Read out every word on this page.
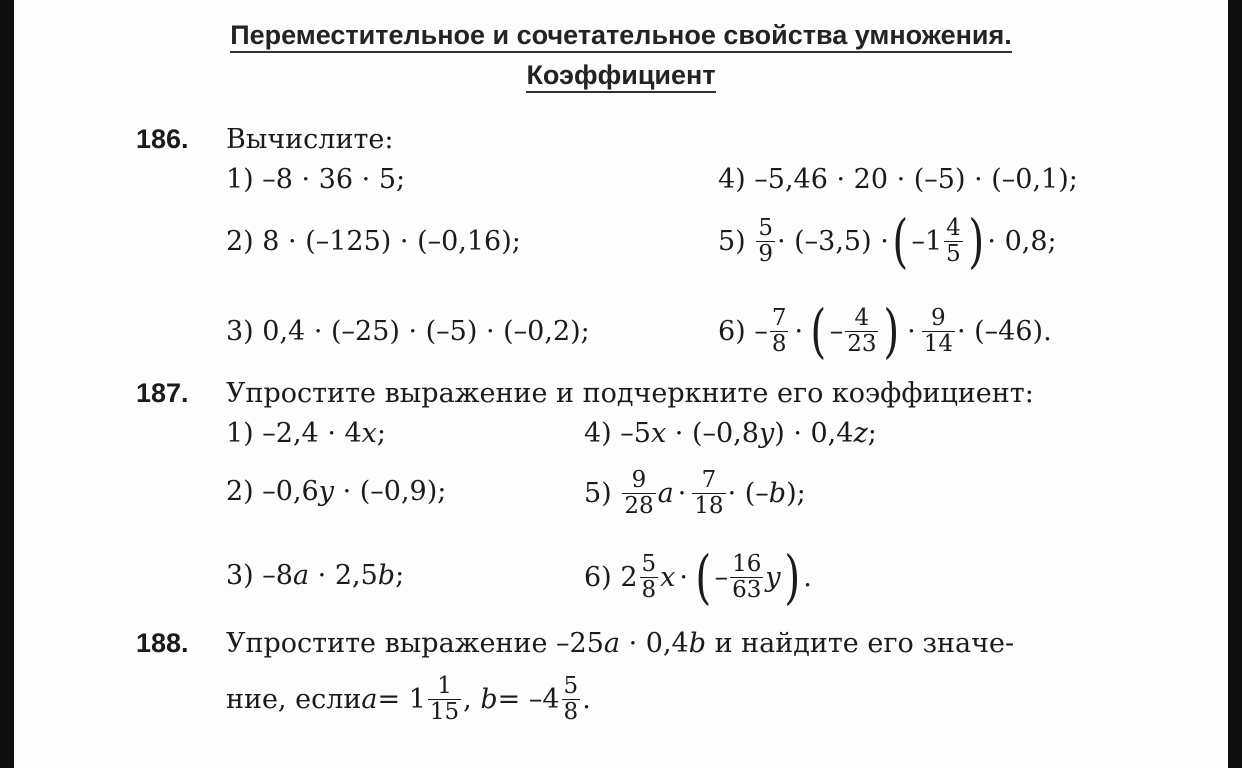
Переместительное и сочетательное свойства умножения.
Коэффициент
186. Вычислите:
1) –8 · 36 · 5;
2) 8 · (–125) · (–0,16);
3) 0,4 · (–25) · (–5) · (–0,2);
4) –5,46 · 20 · (–5) · (–0,1);
5)
$\frac{5}{9} \cdot (-3,5)$ · ( $-1 \frac{4}{5}$ ) · 0,8;
6)
– $\frac{7}{8}$ · ( – $\frac{4}{23}$ ) · $\frac{9}{14} \cdot (-46)$.
187. Упростите выражение и подчеркните его коэффициент:
1) –2,4 · 4x;
2) –0,6y · (–0,9);
3) –8a · 2,5b;
4) –5x · (–0,8y) · 0,4z;
5)
$\frac{9}{28}$ $a \cdot \frac{7}{18}$ · (– b );
6)
$2 \frac{5}{8}$ x · ( – $\frac{16}{63}$ y ) .
188. Упростите выражение –25a · 0,4b и найдите его значе-
ние, если $a = 1 \frac{1}{15}$ ,
$b = -4 \frac{5}{8}$ .
